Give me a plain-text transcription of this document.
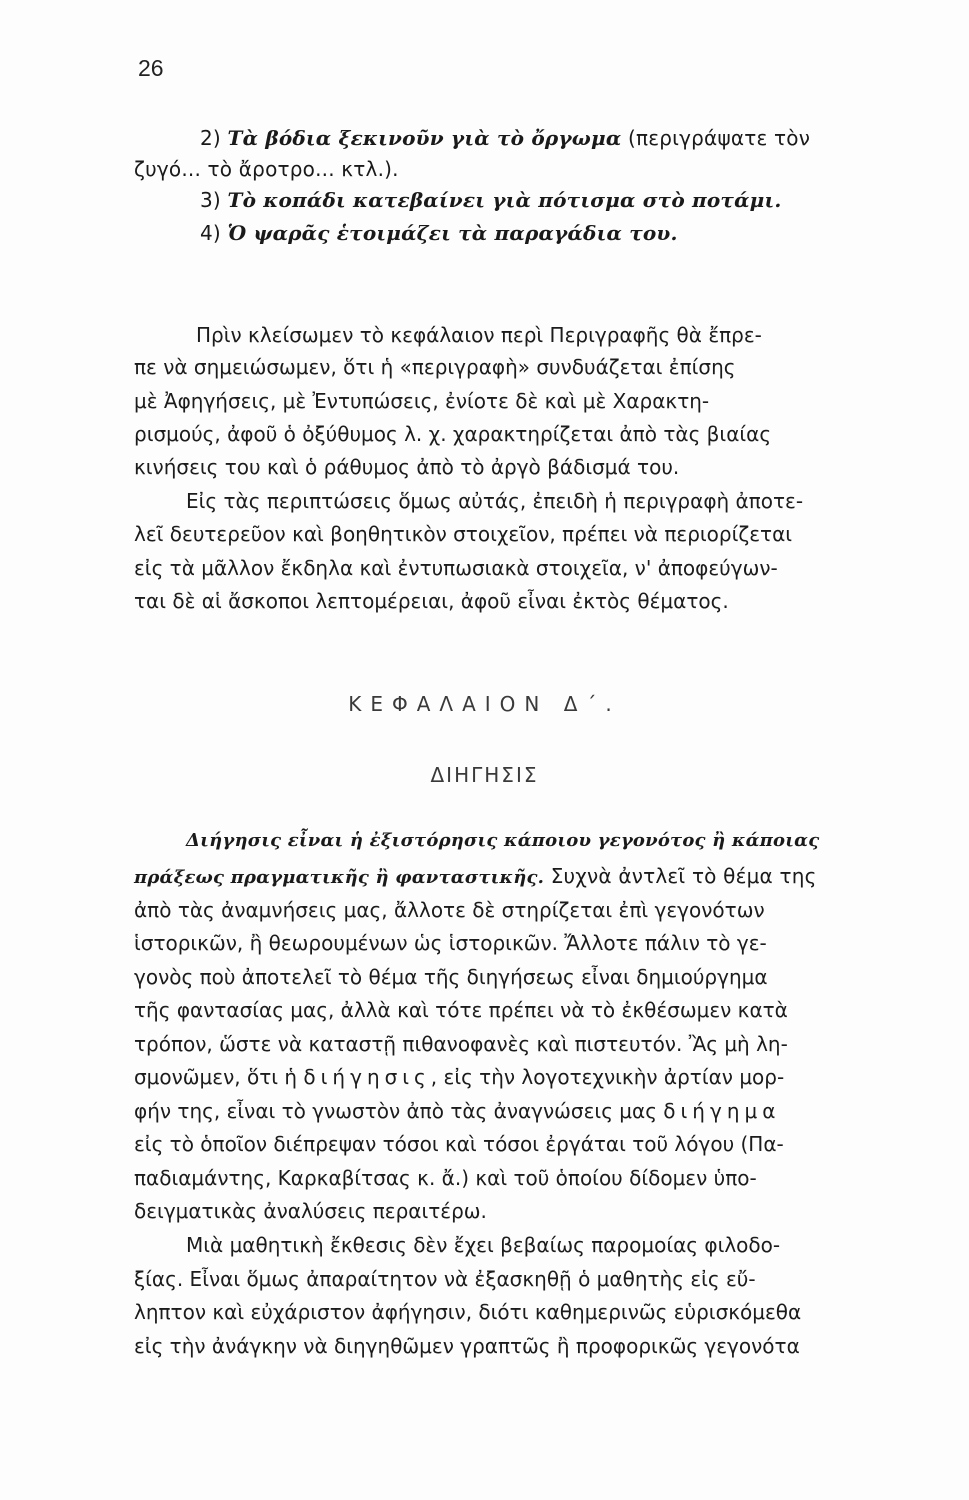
26
2) Τὰ βόδια ξεκινοῦν γιὰ τὸ ὄργωμα (περιγράψατε τὸν
ζυγό... τὸ ἄροτρο... κτλ.).
3) Τὸ κοπάδι κατεβαίνει γιὰ πότισμα στὸ ποτάμι.
4) Ὁ ψαρᾶς ἑτοιμάζει τὰ παραγάδια του.
Πρὶν κλείσωμεν τὸ κεφάλαιον περὶ Περιγραφῆς θὰ ἔπρε-
πε νὰ σημειώσωμεν, ὅτι ἡ «περιγραφὴ» συνδυάζεται ἐπίσης
μὲ Ἀφηγήσεις, μὲ Ἐντυπώσεις, ἐνίοτε δὲ καὶ μὲ Χαρακτη-
ρισμούς, ἀφοῦ ὁ ὀξύθυμος λ. χ. χαρακτηρίζεται ἀπὸ τὰς βιαίας
κινήσεις του καὶ ὁ ράθυμος ἀπὸ τὸ ἀργὸ βάδισμά του.
Εἰς τὰς περιπτώσεις ὅμως αὐτάς, ἐπειδὴ ἡ περιγραφὴ ἀποτε-
λεῖ δευτερεῦον καὶ βοηθητικὸν στοιχεῖον, πρέπει νὰ περιορίζεται
εἰς τὰ μᾶλλον ἔκδηλα καὶ ἐντυπωσιακὰ στοιχεῖα, ν' ἀποφεύγων-
ται δὲ αἱ ἄσκοποι λεπτομέρειαι, ἀφοῦ εἶναι ἐκτὸς θέματος.
ΚΕΦΑΛΑΙΟΝ Δ΄.
ΔΙΗΓΗΣΙΣ
Διήγησις εἶναι ἡ ἐξιστόρησις κάποιου γεγονότος ἢ κάποιας
πράξεως πραγματικῆς ἢ φανταστικῆς. Συχνὰ ἀντλεῖ τὸ θέμα της
ἀπὸ τὰς ἀναμνήσεις μας, ἄλλοτε δὲ στηρίζεται ἐπὶ γεγονότων
ἱστορικῶν, ἢ θεωρουμένων ὡς ἱστορικῶν. Ἄλλοτε πάλιν τὸ γε-
γονὸς ποὺ ἀποτελεῖ τὸ θέμα τῆς διηγήσεως εἶναι δημιούργημα
τῆς φαντασίας μας, ἀλλὰ καὶ τότε πρέπει νὰ τὸ ἐκθέσωμεν κατὰ
τρόπον, ὥστε νὰ καταστῇ πιθανοφανὲς καὶ πιστευτόν. Ἂς μὴ λη-
σμονῶμεν, ὅτι ἡ διήγησις, εἰς τὴν λογοτεχνικὴν ἀρτίαν μορ-
φήν της, εἶναι τὸ γνωστὸν ἀπὸ τὰς ἀναγνώσεις μας διήγημα
εἰς τὸ ὁποῖον διέπρεψαν τόσοι καὶ τόσοι ἐργάται τοῦ λόγου (Πα-
παδιαμάντης, Καρκαβίτσας κ. ἄ.) καὶ τοῦ ὁποίου δίδομεν ὑπο-
δειγματικὰς ἀναλύσεις περαιτέρω.
Μιὰ μαθητικὴ ἔκθεσις δὲν ἔχει βεβαίως παρομοίας φιλοδο-
ξίας. Εἶναι ὅμως ἀπαραίτητον νὰ ἐξασκηθῇ ὁ μαθητὴς εἰς εὔ-
ληπτον καὶ εὐχάριστον ἀφήγησιν, διότι καθημερινῶς εὑρισκόμεθα
εἰς τὴν ἀνάγκην νὰ διηγηθῶμεν γραπτῶς ἢ προφορικῶς γεγονότα
